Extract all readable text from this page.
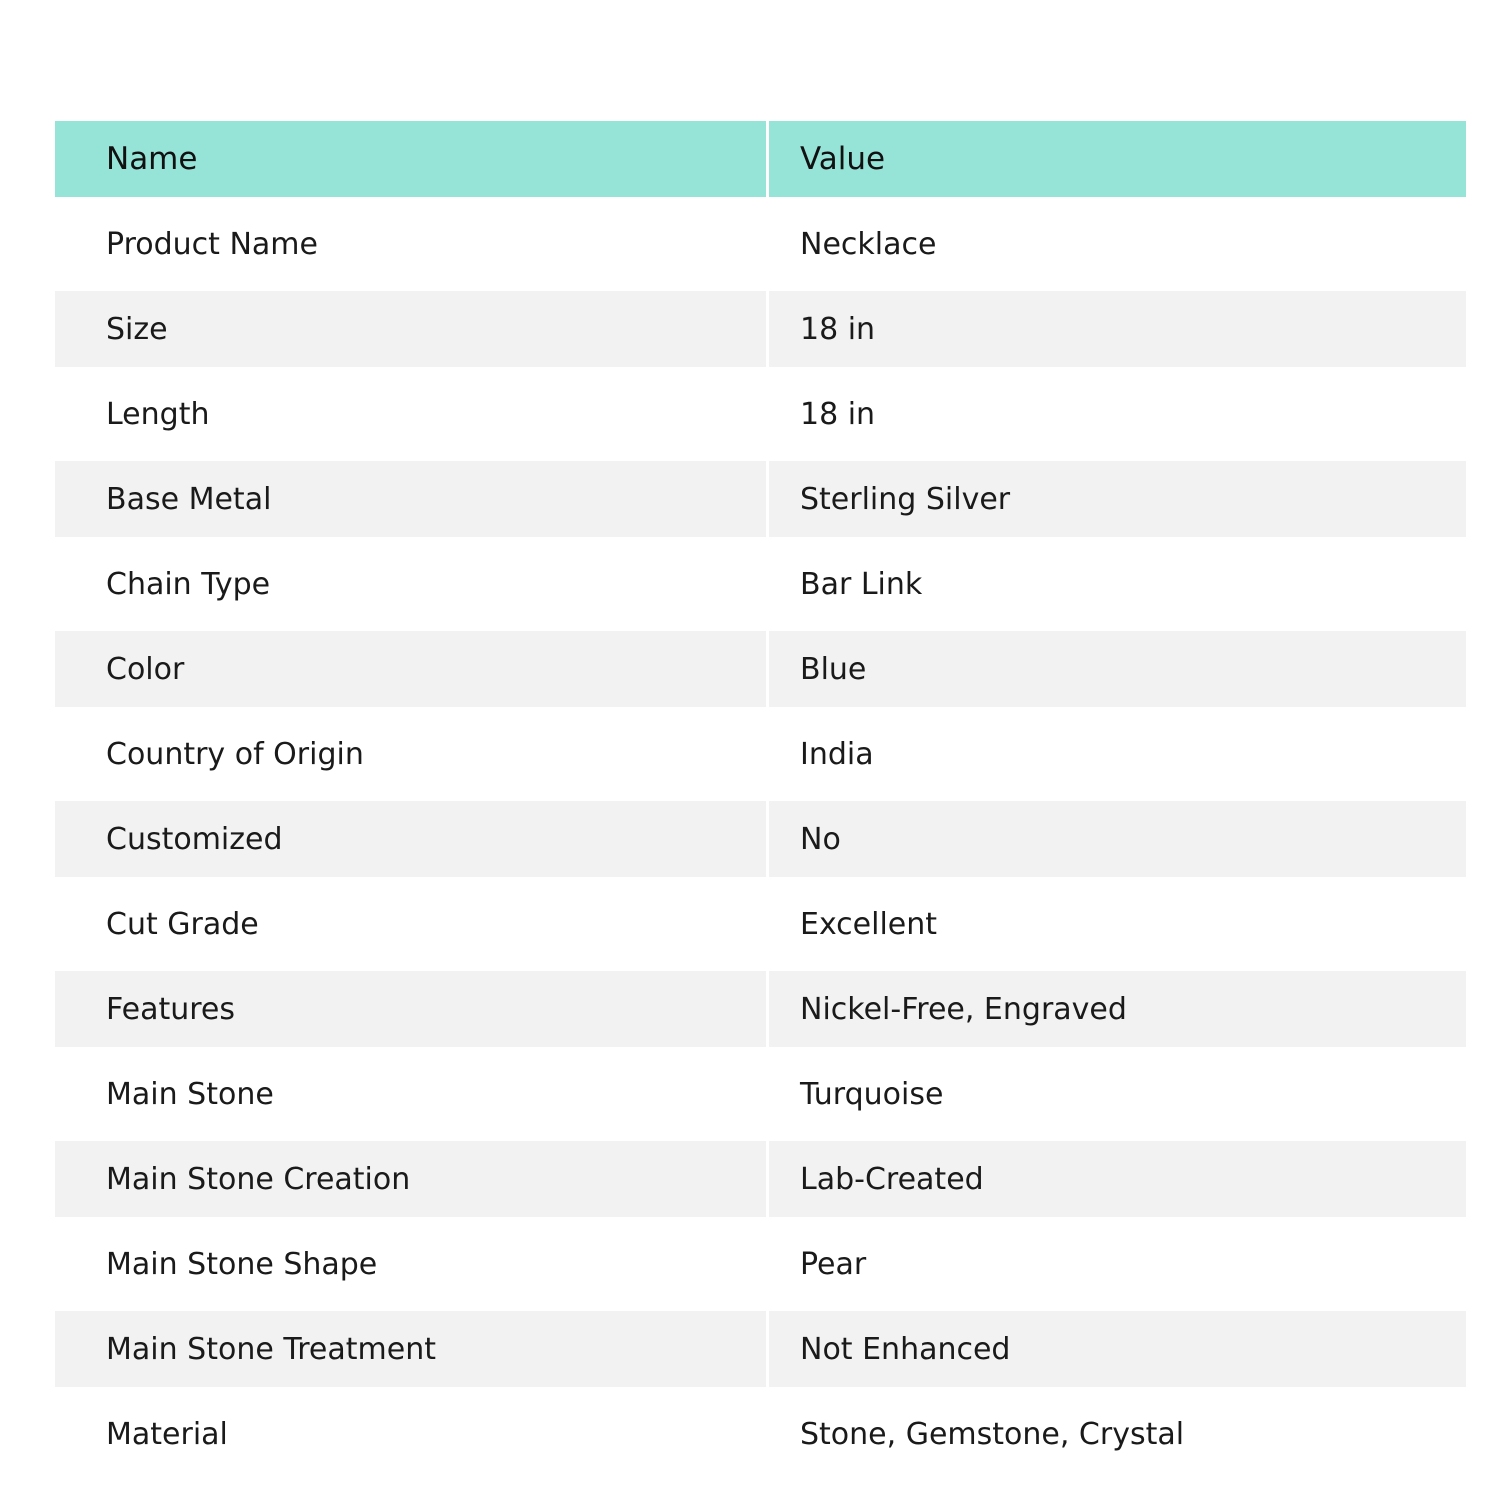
Name	Value
Product Name	Necklace
Size	18 in
Length	18 in
Base Metal	Sterling Silver
Chain Type	Bar Link
Color	Blue
Country of Origin	India
Customized	No
Cut Grade	Excellent
Features	Nickel-Free, Engraved
Main Stone	Turquoise
Main Stone Creation	Lab-Created
Main Stone Shape	Pear
Main Stone Treatment	Not Enhanced
Material	Stone, Gemstone, Crystal
